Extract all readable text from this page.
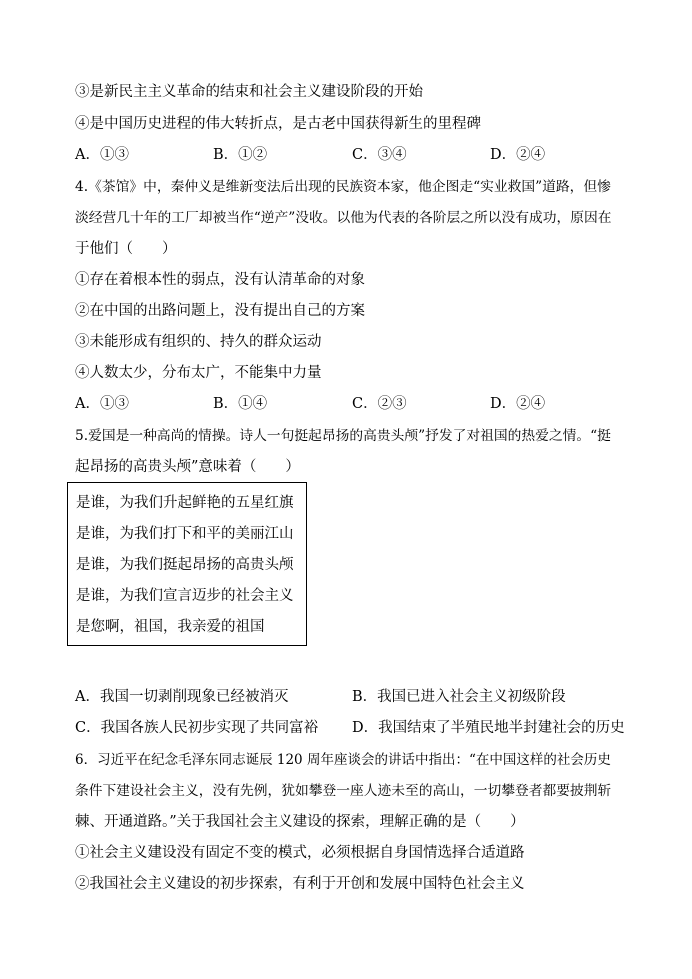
③是新民主主义革命的结束和社会主义建设阶段的开始
④是中国历史进程的伟大转折点，是古老中国获得新生的里程碑
A．①③	B．①②	C．③④	D．②④
4.《茶馆》中，秦仲义是维新变法后出现的民族资本家，他企图走“实业救国”道路，但惨
淡经营几十年的工厂却被当作“逆产”没收。以他为代表的各阶层之所以没有成功，原因在
于他们（　　）
①存在着根本性的弱点，没有认清革命的对象
②在中国的出路问题上，没有提出自己的方案
③未能形成有组织的、持久的群众运动
④人数太少，分布太广，不能集中力量
A．①③	B．①④	C．②③	D．②④
5.爱国是一种高尚的情操。诗人一句挺起昂扬的高贵头颅”抒发了对祖国的热爱之情。“挺
起昂扬的高贵头颅”意味着（　　）
是谁，为我们升起鲜艳的五星红旗
是谁，为我们打下和平的美丽江山
是谁，为我们挺起昂扬的高贵头颅
是谁，为我们宣言迈步的社会主义
是您啊，祖国，我亲爱的祖国
A．我国一切剥削现象已经被消灭	B．我国已进入社会主义初级阶段
C．我国各族人民初步实现了共同富裕 D．我国结束了半殖民地半封建社会的历史
6．习近平在纪念毛泽东同志诞辰 120 周年座谈会的讲话中指出：“在中国这样的社会历史
条件下建设社会主义，没有先例，犹如攀登一座人迹未至的高山，一切攀登者都要披荆斩
棘、开通道路。”关于我国社会主义建设的探索，理解正确的是（　　）
①社会主义建设没有固定不变的模式，必须根据自身国情选择合适道路
②我国社会主义建设的初步探索，有利于开创和发展中国特色社会主义
